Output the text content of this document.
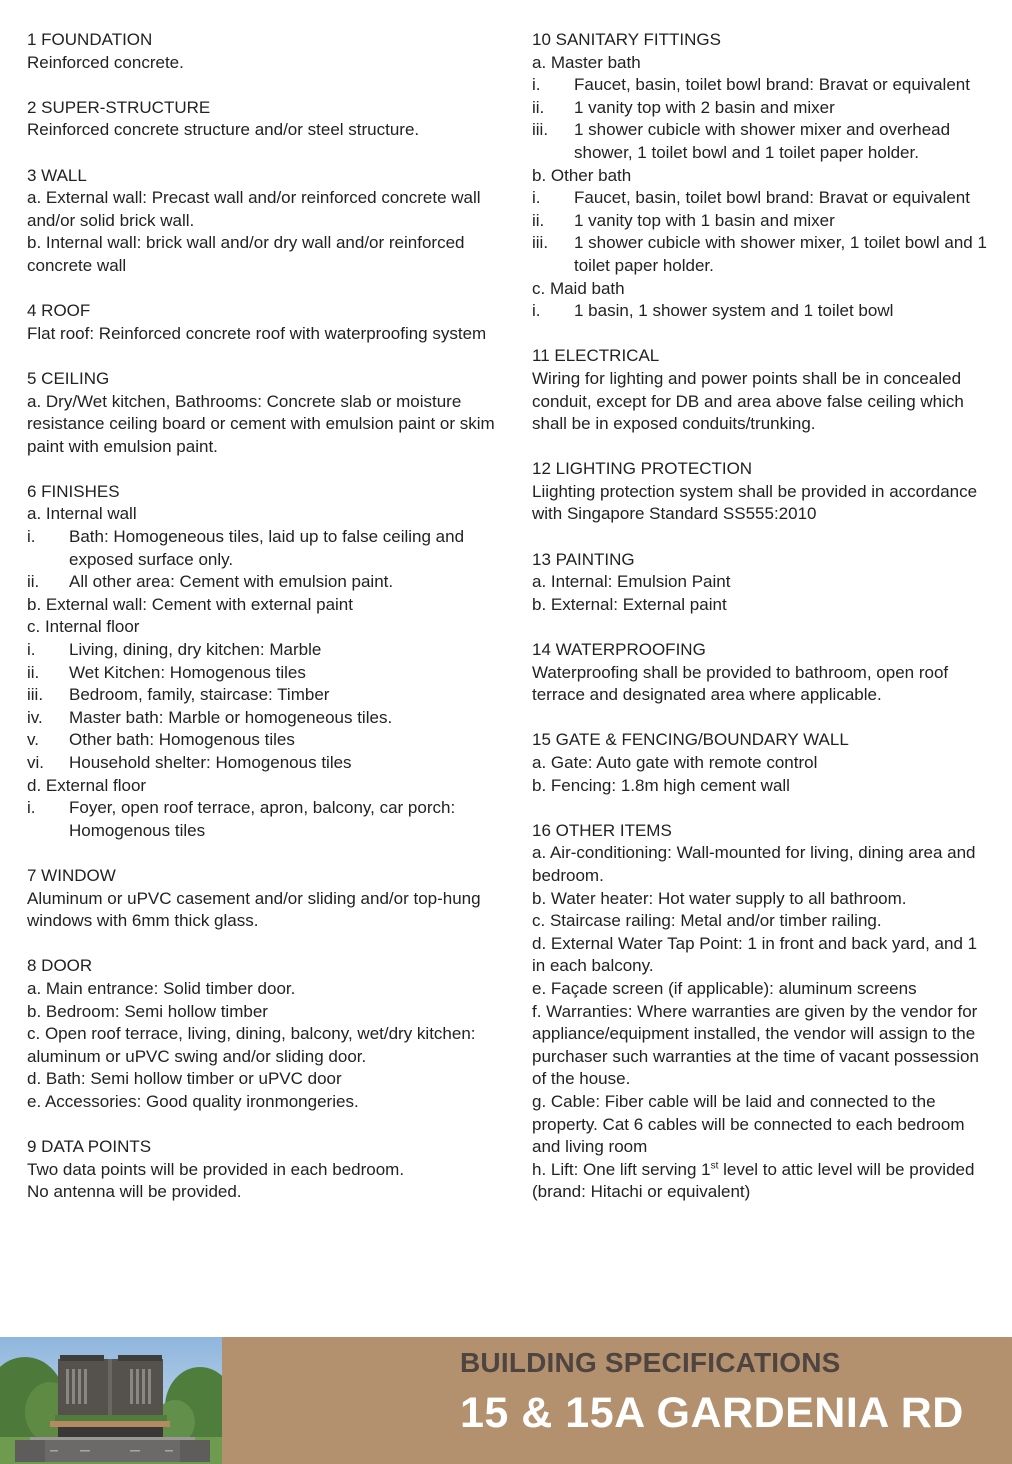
1 FOUNDATION
Reinforced concrete.
2 SUPER-STRUCTURE
Reinforced concrete structure and/or steel structure.
3 WALL
a. External wall: Precast wall and/or reinforced concrete wall and/or solid brick wall.
b. Internal wall: brick wall and/or dry wall and/or reinforced concrete wall
4 ROOF
Flat roof: Reinforced concrete roof with waterproofing system
5 CEILING
a. Dry/Wet kitchen, Bathrooms: Concrete slab or moisture resistance ceiling board or cement with emulsion paint or skim paint with emulsion paint.
6 FINISHES
a. Internal wall
i.	Bath: Homogeneous tiles, laid up to false ceiling and exposed surface only.
ii.	All other area: Cement with emulsion paint.
b. External wall: Cement with external paint
c. Internal floor
i.	Living, dining, dry kitchen: Marble
ii.	Wet Kitchen: Homogenous tiles
iii.	Bedroom, family, staircase: Timber
iv.	Master bath: Marble or homogeneous tiles.
v.	Other bath: Homogenous tiles
vi.	Household shelter: Homogenous tiles
d. External floor
i.	Foyer, open roof terrace, apron, balcony, car porch: Homogenous tiles
7 WINDOW
Aluminum or uPVC casement and/or sliding and/or top-hung windows with 6mm thick glass.
8 DOOR
a. Main entrance: Solid timber door.
b. Bedroom: Semi hollow timber
c. Open roof terrace, living, dining, balcony, wet/dry kitchen: aluminum or uPVC swing and/or sliding door.
d. Bath: Semi hollow timber or uPVC door
e. Accessories: Good quality ironmongeries.
9 DATA POINTS
Two data points will be provided in each bedroom.
No antenna will be provided.
10 SANITARY FITTINGS
a. Master bath
i.	Faucet, basin, toilet bowl brand: Bravat or equivalent
ii.	1 vanity top with 2 basin and mixer
iii.	1 shower cubicle with shower mixer and overhead shower, 1 toilet bowl and 1 toilet paper holder.
b. Other bath
i.	Faucet, basin, toilet bowl brand: Bravat or equivalent
ii.	1 vanity top with 1 basin and mixer
iii.	1 shower cubicle with shower mixer, 1 toilet bowl and 1 toilet paper holder.
c. Maid bath
i.	1 basin, 1 shower system and 1 toilet bowl
11 ELECTRICAL
Wiring for lighting and power points shall be in concealed conduit, except for DB and area above false ceiling which shall be in exposed conduits/trunking.
12 LIGHTING PROTECTION
Liighting protection system shall be provided in accordance with Singapore Standard SS555:2010
13 PAINTING
a. Internal: Emulsion Paint
b. External: External paint
14 WATERPROOFING
Waterproofing shall be provided to bathroom, open roof terrace and designated area where applicable.
15 GATE & FENCING/BOUNDARY WALL
a. Gate: Auto gate with remote control
b. Fencing: 1.8m high cement wall
16 OTHER ITEMS
a. Air-conditioning: Wall-mounted for living, dining area and bedroom.
b. Water heater: Hot water supply to all bathroom.
c. Staircase railing: Metal and/or timber railing.
d. External Water Tap Point: 1 in front and back yard, and 1 in each balcony.
e. Façade screen (if applicable): aluminum screens
f. Warranties: Where warranties are given by the vendor for appliance/equipment installed, the vendor will assign to the purchaser such warranties at the time of vacant possession of the house.
g. Cable: Fiber cable will be laid and connected to the property. Cat 6 cables will be connected to each bedroom and living room
h. Lift: One lift serving 1st level to attic level will be provided (brand: Hitachi or equivalent)
BUILDING SPECIFICATIONS
15 & 15A GARDENIA RD
